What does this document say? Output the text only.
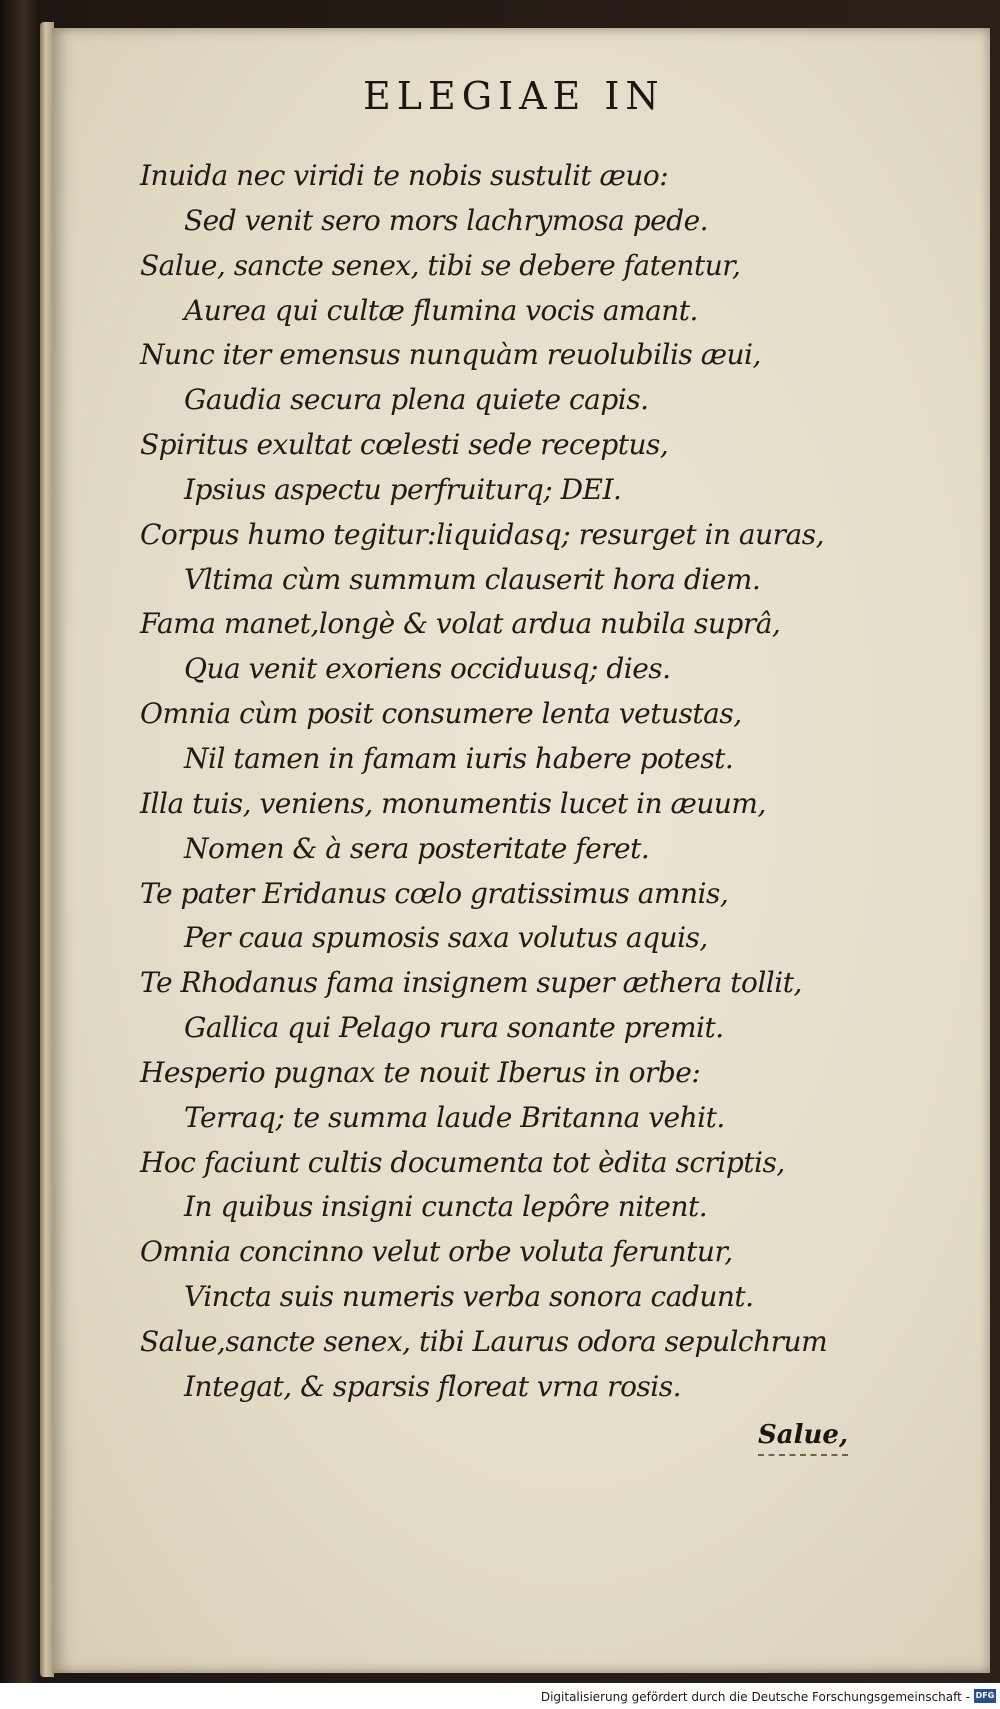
ELEGIAE IN
Inuida nec viridi te nobis sustulit æuo:
Sed venit sero mors lachrymosa pede.
Salue, sancte senex, tibi se debere fatentur,
Aurea qui cultæ flumina vocis amant.
Nunc iter emensus nunquàm reuolubilis æui,
Gaudia secura plena quiete capis.
Spiritus exultat cœlesti sede receptus,
Ipsius aspectu perfruiturq; DEI.
Corpus humo tegitur:liquidasq; resurget in auras,
Vltima cùm summum clauserit hora diem.
Fama manet,longè & volat ardua nubila suprâ,
Qua venit exoriens occiduusq; dies.
Omnia cùm posit consumere lenta vetustas,
Nil tamen in famam iuris habere potest.
Illa tuis, veniens, monumentis lucet in æuum,
Nomen & à sera posteritate feret.
Te pater Eridanus cœlo gratissimus amnis,
Per caua spumosis saxa volutus aquis,
Te Rhodanus fama insignem super æthera tollit,
Gallica qui Pelago rura sonante premit.
Hesperio pugnax te nouit Iberus in orbe:
Terraq; te summa laude Britanna vehit.
Hoc faciunt cultis documenta tot èdita scriptis,
In quibus insigni cuncta lepôre nitent.
Omnia concinno velut orbe voluta feruntur,
Vincta suis numeris verba sonora cadunt.
Salue,sancte senex, tibi Laurus odora sepulchrum
Integat, & sparsis floreat vrna rosis.
Salue,
Digitalisierung gefördert durch die Deutsche Forschungsgemeinschaft - DFG
